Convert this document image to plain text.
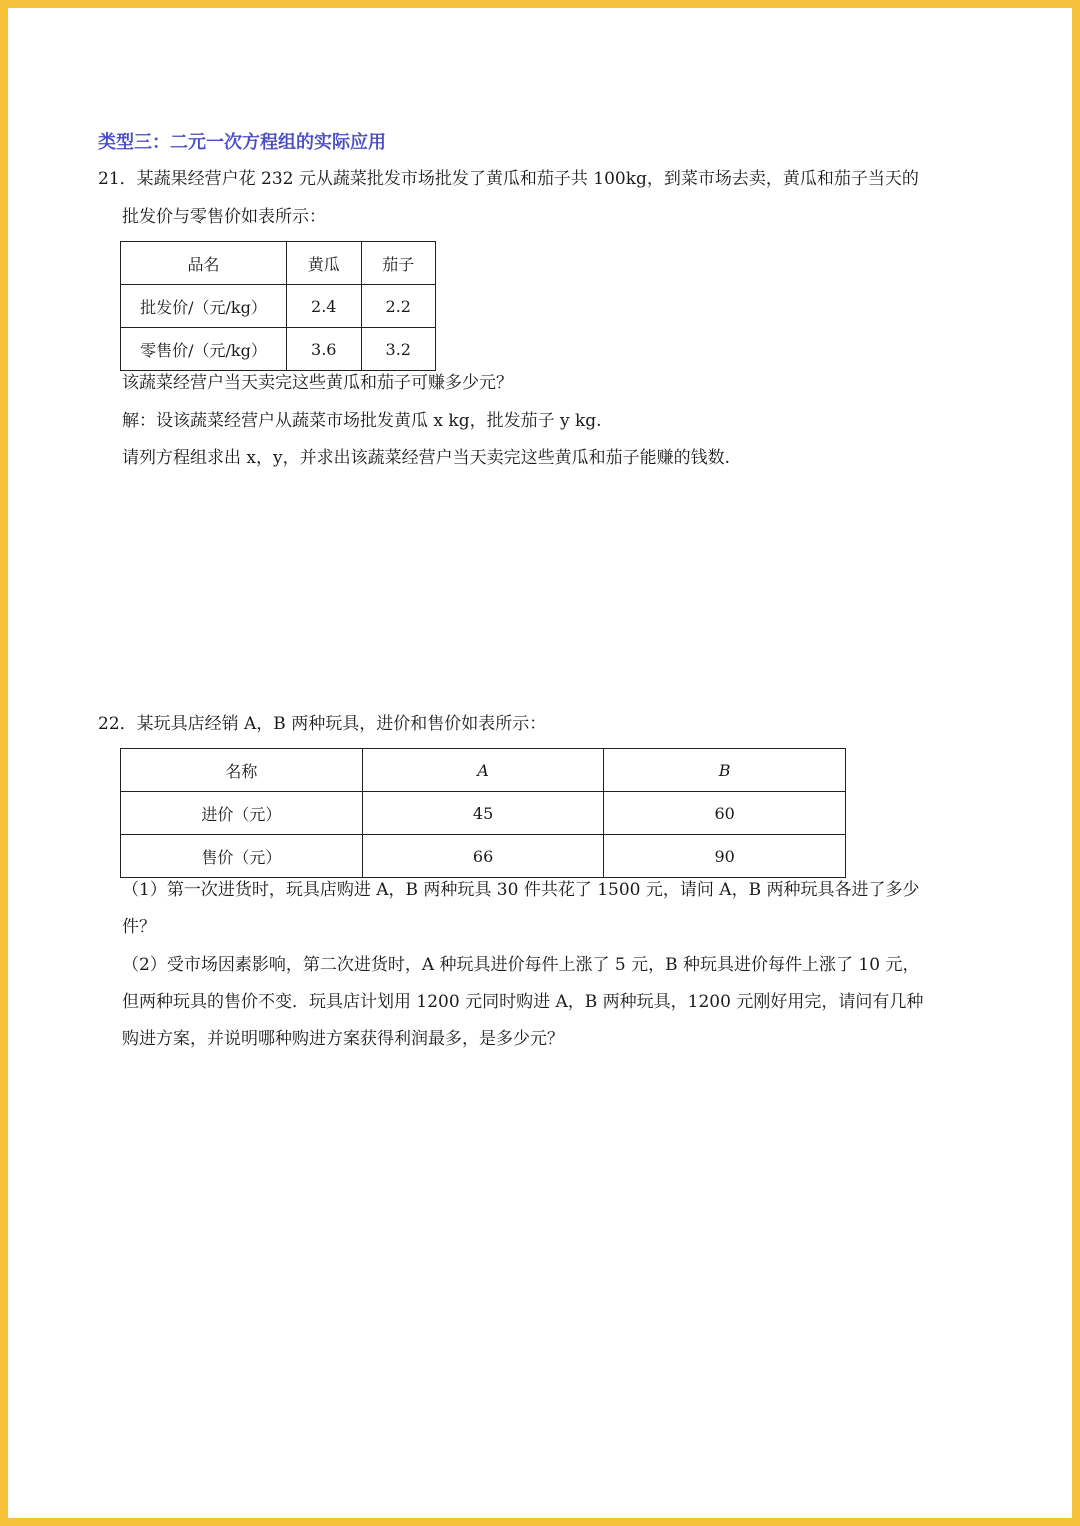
类型三：二元一次方程组的实际应用
21．某蔬果经营户花 232 元从蔬菜批发市场批发了黄瓜和茄子共 100kg，到菜市场去卖，黄瓜和茄子当天的
批发价与零售价如表所示：
品名	黄瓜	茄子
批发价/（元/kg）	2.4	2.2
零售价/（元/kg）	3.6	3.2
该蔬菜经营户当天卖完这些黄瓜和茄子可赚多少元？
解：设该蔬菜经营户从蔬菜市场批发黄瓜 x kg，批发茄子 y kg.
请列方程组求出 x，y，并求出该蔬菜经营户当天卖完这些黄瓜和茄子能赚的钱数.
22．某玩具店经销 A，B 两种玩具，进价和售价如表所示：
名称	A	B
进价（元）	45	60
售价（元）	66	90
（1）第一次进货时，玩具店购进 A，B 两种玩具 30 件共花了 1500 元，请问 A，B 两种玩具各进了多少
件？
（2）受市场因素影响，第二次进货时，A 种玩具进价每件上涨了 5 元，B 种玩具进价每件上涨了 10 元，
但两种玩具的售价不变．玩具店计划用 1200 元同时购进 A，B 两种玩具，1200 元刚好用完，请问有几种
购进方案，并说明哪种购进方案获得利润最多，是多少元？
